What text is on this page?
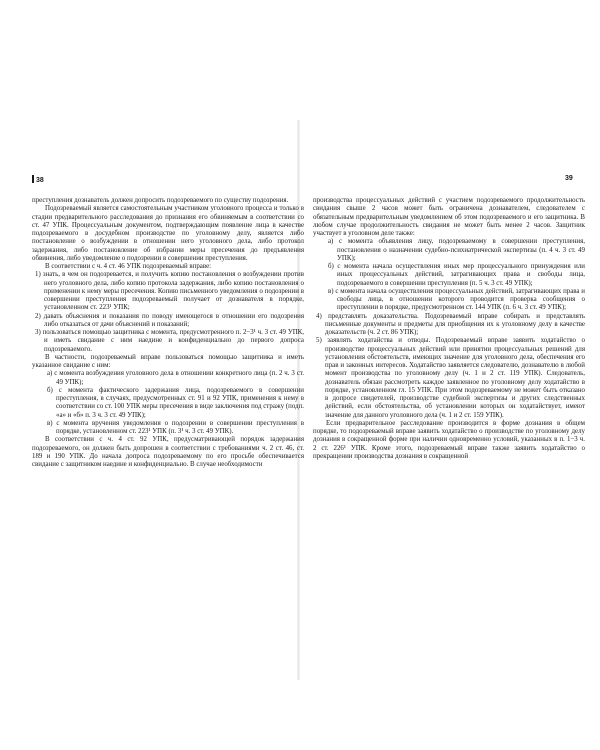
38	39

преступления дознаватель должен допросить подозреваемого по существу подозрения.

Подозреваемый является самостоятельным участником уголовного процесса и только в стадии предварительного расследования до признания его обвиняемым в соответствии со ст. 47 УПК. Процессуальным документом, подтверждающим появление лица в качестве подозреваемого в досудебном производстве по уголовному делу, является либо постановление о возбуждении в отношении него уголовного дела, либо протокол задержания, либо постановление об избрании меры пресечения до предъявления обвинения, либо уведомление о подозрении в совершении преступления.

В соответствии с ч. 4 ст. 46 УПК подозреваемый вправе:

1) знать, в чем он подозревается, и получить копию постановления о возбуждении против него уголовного дела, либо копию протокола задержания, либо копию постановления о применении к нему меры пресечения. Копию письменного уведомления о подозрении в совершении преступления подозреваемый получает от дознавателя в порядке, установленном ст. 223¹ УПК;

2) давать объяснения и показания по поводу имеющегося в отношении его подозрения либо отказаться от дачи объяснений и показаний;

3) пользоваться помощью защитника с момента, предусмотренного п. 2−3¹ ч. 3 ст. 49 УПК, и иметь свидание с ним наедине и конфиденциально до первого допроса подозреваемого.

В частности, подозреваемый вправе пользоваться помощью защитника и иметь указанное свидание с ним:

а) с момента возбуждения уголовного дела в отношении конкретного лица (п. 2 ч. 3 ст. 49 УПК);

б) с момента фактического задержания лица, подозреваемого в совершении преступления, в случаях, предусмотренных ст. 91 и 92 УПК, применения к нему в соответствии со ст. 100 УПК меры пресечения в виде заключения под стражу (подп. «а» и «б» п. 3 ч. 3 ст. 49 УПК);

в) с момента вручения уведомления о подозрении в совершении преступления в порядке, установленном ст. 223¹ УПК (п. 3¹ ч. 3 ст. 49 УПК).

В соответствии с ч. 4 ст. 92 УПК, предусматривающей порядок задержания подозреваемого, он должен быть допрошен в соответствии с требованиями ч. 2 ст. 46, ст. 189 и 190 УПК. До начала допроса подозреваемому по его просьбе обеспечивается свидание с защитником наедине и конфиденциально. В случае необходимости

производства процессуальных действий с участием подозреваемого продолжительность свидания свыше 2 часов может быть ограничена дознавателем, следователем с обязательным предварительным уведомлением об этом подозреваемого и его защитника. В любом случае продолжительность свидания не может быть менее 2 часов. Защитник участвует в уголовном деле также:

а) с момента объявления лицу, подозреваемому в совершении преступления, постановления о назначении судебно-психиатрической экспертизы (п. 4 ч. 3 ст. 49 УПК);

б) с момента начала осуществления иных мер процессуального принуждения или иных процессуальных действий, затрагивающих права и свободы лица, подозреваемого в совершении преступления (п. 5 ч. 3 ст. 49 УПК);

в) с момента начала осуществления процессуальных действий, затрагивающих права и свободы лица, в отношении которого проводится проверка сообщения о преступлении в порядке, предусмотренном ст. 144 УПК (п. 6 ч. 3 ст. 49 УПК);

4) представлять доказательства. Подозреваемый вправе собирать и представлять письменные документы и предметы для приобщения их к уголовному делу в качестве доказательств (ч. 2 ст. 86 УПК);

5) заявлять ходатайства и отводы. Подозреваемый вправе заявить ходатайство о производстве процессуальных действий или принятии процессуальных решений для установления обстоятельств, имеющих значение для уголовного дела, обеспечения его прав и законных интересов. Ходатайство заявляется следователю, дознавателю в любой момент производства по уголовному делу (ч. 1 и 2 ст. 119 УПК). Следователь, дознаватель обязан рассмотреть каждое заявленное по уголовному делу ходатайство в порядке, установленном гл. 15 УПК. При этом подозреваемому не может быть отказано в допросе свидетелей, производстве судебной экспертизы и других следственных действий, если обстоятельства, об установлении которых он ходатайствует, имеют значение для данного уголовного дела (ч. 1 и 2 ст. 159 УПК).

Если предварительное расследование производится в форме дознания в общем порядке, то подозреваемый вправе заявить ходатайство о производстве по уголовному делу дознания в сокращенной форме при наличии одновременно условий, указанных в п. 1−3 ч. 2 ст. 226¹ УПК. Кроме этого, подозреваемый вправе также заявить ходатайство о прекращении производства дознания в сокращенной
